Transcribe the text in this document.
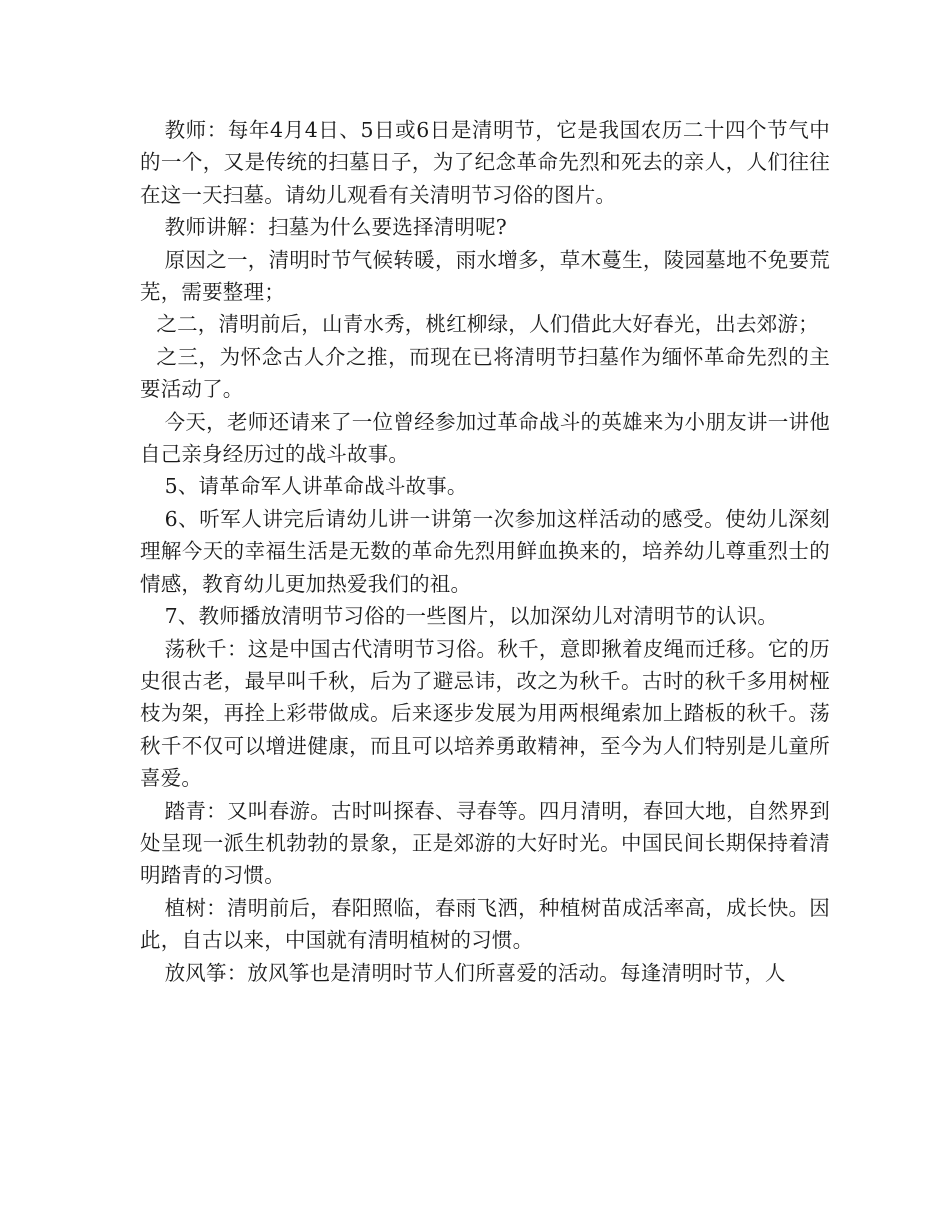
教师：每年4月4日、5日或6日是清明节，它是我国农历二十四个节气中的一个，又是传统的扫墓日子，为了纪念革命先烈和死去的亲人，人们往往在这一天扫墓。请幼儿观看有关清明节习俗的图片。

教师讲解：扫墓为什么要选择清明呢?

原因之一，清明时节气候转暖，雨水增多，草木蔓生，陵园墓地不免要荒芜，需要整理；

之二，清明前后，山青水秀，桃红柳绿，人们借此大好春光，出去郊游；

之三，为怀念古人介之推，而现在已将清明节扫墓作为缅怀革命先烈的主要活动了。

今天，老师还请来了一位曾经参加过革命战斗的英雄来为小朋友讲一讲他自己亲身经历过的战斗故事。

5、请革命军人讲革命战斗故事。

6、听军人讲完后请幼儿讲一讲第一次参加这样活动的感受。使幼儿深刻理解今天的幸福生活是无数的革命先烈用鲜血换来的，培养幼儿尊重烈士的情感，教育幼儿更加热爱我们的祖。

7、教师播放清明节习俗的一些图片，以加深幼儿对清明节的认识。

荡秋千：这是中国古代清明节习俗。秋千，意即揪着皮绳而迁移。它的历史很古老，最早叫千秋，后为了避忌讳，改之为秋千。古时的秋千多用树桠枝为架，再拴上彩带做成。后来逐步发展为用两根绳索加上踏板的秋千。荡秋千不仅可以增进健康，而且可以培养勇敢精神，至今为人们特别是儿童所喜爱。

踏青：又叫春游。古时叫探春、寻春等。四月清明，春回大地，自然界到处呈现一派生机勃勃的景象，正是郊游的大好时光。中国民间长期保持着清明踏青的习惯。

植树：清明前后，春阳照临，春雨飞洒，种植树苗成活率高，成长快。因此，自古以来，中国就有清明植树的习惯。

放风筝：放风筝也是清明时节人们所喜爱的活动。每逢清明时节，人
